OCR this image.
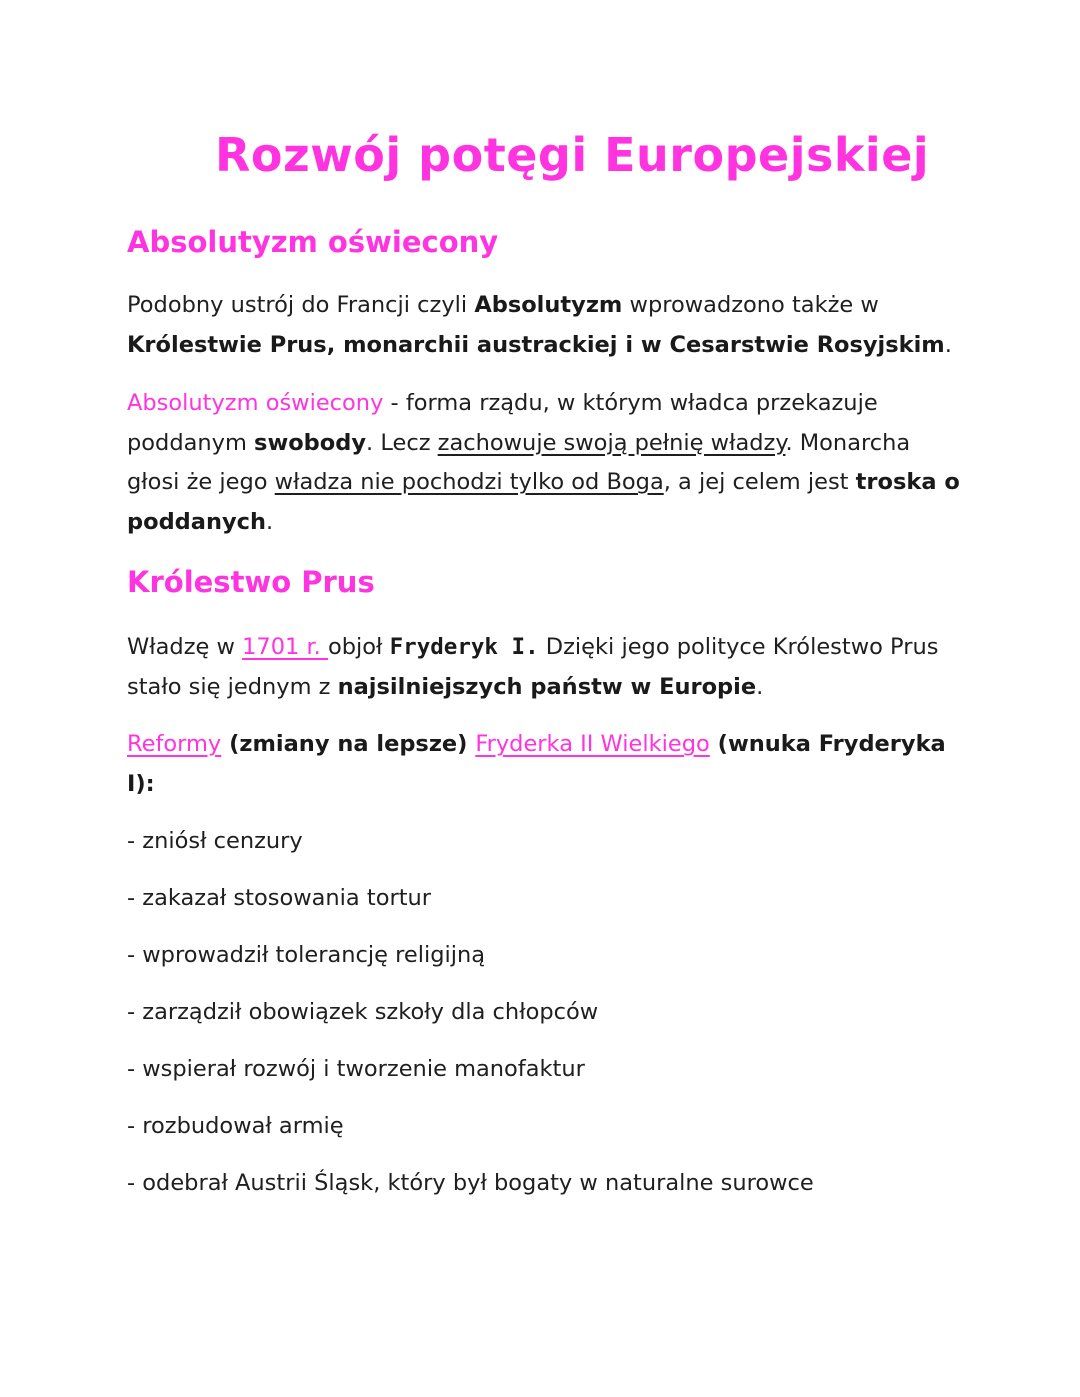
Rozwój potęgi Europejskiej
Absolutyzm oświecony

Podobny ustrój do Francji czyli Absolutyzm wprowadzono także w
Królestwie Prus, monarchii austrackiej i w Cesarstwie Rosyjskim.

Absolutyzm oświecony - forma rządu, w którym władca przekazuje poddanym swobody. Lecz zachowuje swoją pełnię władzy. Monarcha głosi że jego władza nie pochodzi tylko od Boga, a jej celem jest troska o poddanych.

Królestwo Prus

Władzę w 1701 r. objoł Fryderyk I. Dzięki jego polityce Królestwo Prus stało się jednym z najsilniejszych państw w Europie.

Reformy (zmiany na lepsze) Fryderka II Wielkiego (wnuka Fryderyka I):

- zniósł cenzury

- zakazał stosowania tortur

- wprowadził tolerancję religijną

- zarządził obowiązek szkoły dla chłopców

- wspierał rozwój i tworzenie manofaktur

- rozbudował armię

- odebrał Austrii Śląsk, który był bogaty w naturalne surowce
